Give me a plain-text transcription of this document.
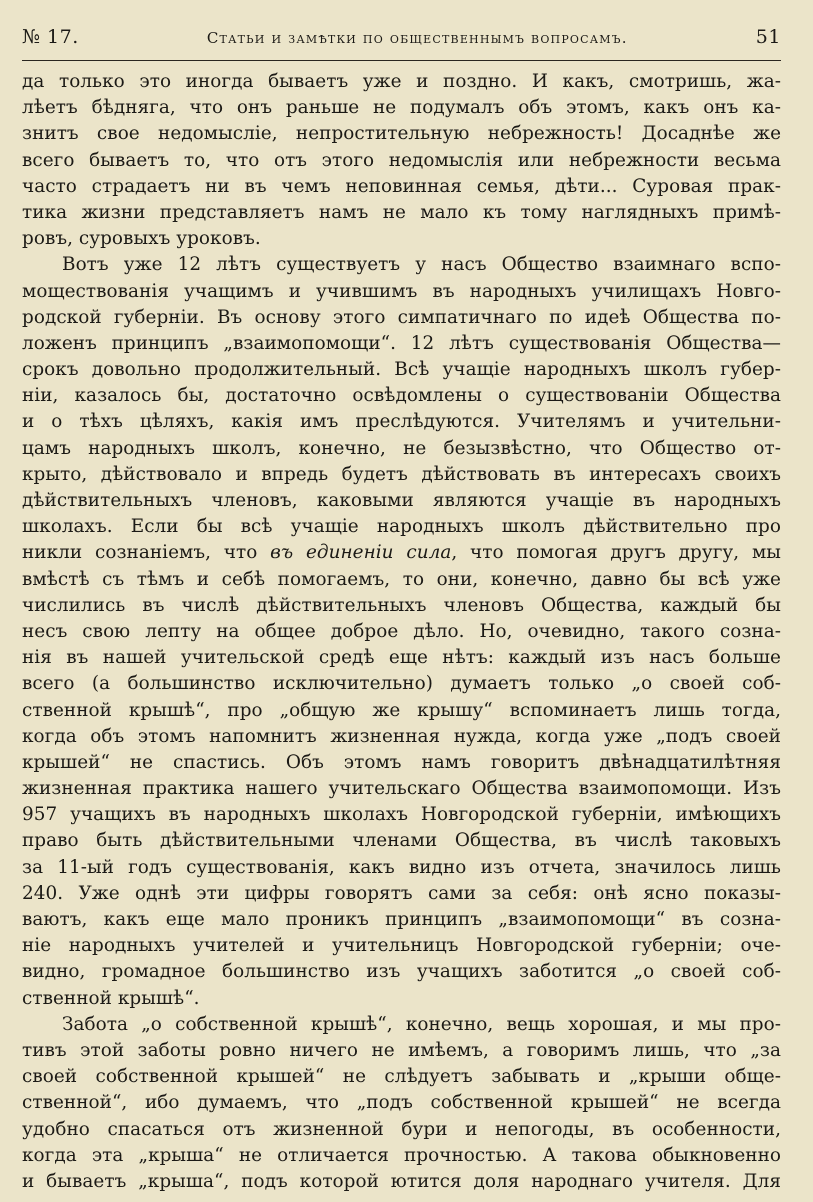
№ 17.	Статьи и замѣтки по общественнымъ вопросамъ.	51
да только это иногда бываетъ уже и поздно. И какъ, смотришь, жа-
лѣетъ бѣдняга, что онъ раньше не подумалъ объ этомъ, какъ онъ ка-
знитъ свое недомысліе, непростительную небрежность! Досаднѣе же
всего бываетъ то, что отъ этого недомыслія или небрежности весьма
часто страдаетъ ни въ чемъ неповинная семья, дѣти... Суровая прак-
тика жизни представляетъ намъ не мало къ тому наглядныхъ примѣ-
ровъ, суровыхъ уроковъ.
Вотъ уже 12 лѣтъ существуетъ у насъ Общество взаимнаго вспо-
моществованія учащимъ и учившимъ въ народныхъ училищахъ Новго-
родской губерніи. Въ основу этого симпатичнаго по идеѣ Общества по-
ложенъ принципъ „взаимопомощи“. 12 лѣтъ существованія Общества—
срокъ довольно продолжительный. Всѣ учащіе народныхъ школъ губер-
ніи, казалось бы, достаточно освѣдомлены о существованіи Общества
и о тѣхъ цѣляхъ, какія имъ преслѣдуются. Учителямъ и учительни-
цамъ народныхъ школъ, конечно, не безызвѣстно, что Общество от-
крыто, дѣйствовало и впредь будетъ дѣйствовать въ интересахъ своихъ
дѣйствительныхъ членовъ, каковыми являются учащіе въ народныхъ
школахъ. Если бы всѣ учащіе народныхъ школъ дѣйствительно про
никли сознаніемъ, что въ единеніи сила, что помогая другъ другу, мы
вмѣстѣ съ тѣмъ и себѣ помогаемъ, то они, конечно, давно бы всѣ уже
числились въ числѣ дѣйствительныхъ членовъ Общества, каждый бы
несъ свою лепту на общее доброе дѣло. Но, очевидно, такого созна-
нія въ нашей учительской средѣ еще нѣтъ: каждый изъ насъ больше
всего (а большинство исключительно) думаетъ только „о своей соб-
ственной крышѣ“, про „общую же крышу“ вспоминаетъ лишь тогда,
когда объ этомъ напомнитъ жизненная нужда, когда уже „подъ своей
крышей“ не спастись. Объ этомъ намъ говоритъ двѣнадцатилѣтняя
жизненная практика нашего учительскаго Общества взаимопомощи. Изъ
957 учащихъ въ народныхъ школахъ Новгородской губерніи, имѣющихъ
право быть дѣйствительными членами Общества, въ числѣ таковыхъ
за 11-ый годъ существованія, какъ видно изъ отчета, значилось лишь
240. Уже однѣ эти цифры говорятъ сами за себя: онѣ ясно показы-
ваютъ, какъ еще мало проникъ принципъ „взаимопомощи“ въ созна-
ніе народныхъ учителей и учительницъ Новгородской губерніи; оче-
видно, громадное большинство изъ учащихъ заботится „о своей соб-
ственной крышѣ“.
Забота „о собственной крышѣ“, конечно, вещь хорошая, и мы про-
тивъ этой заботы ровно ничего не имѣемъ, а говоримъ лишь, что „за
своей собственной крышей“ не слѣдуетъ забывать и „крыши обще-
ственной“, ибо думаемъ, что „подъ собственной крышей“ не всегда
удобно спасаться отъ жизненной бури и непогоды, въ особенности,
когда эта „крыша“ не отличается прочностью. А такова обыкновенно
и бываетъ „крыша“, подъ которой ютится доля народнаго учителя. Для
